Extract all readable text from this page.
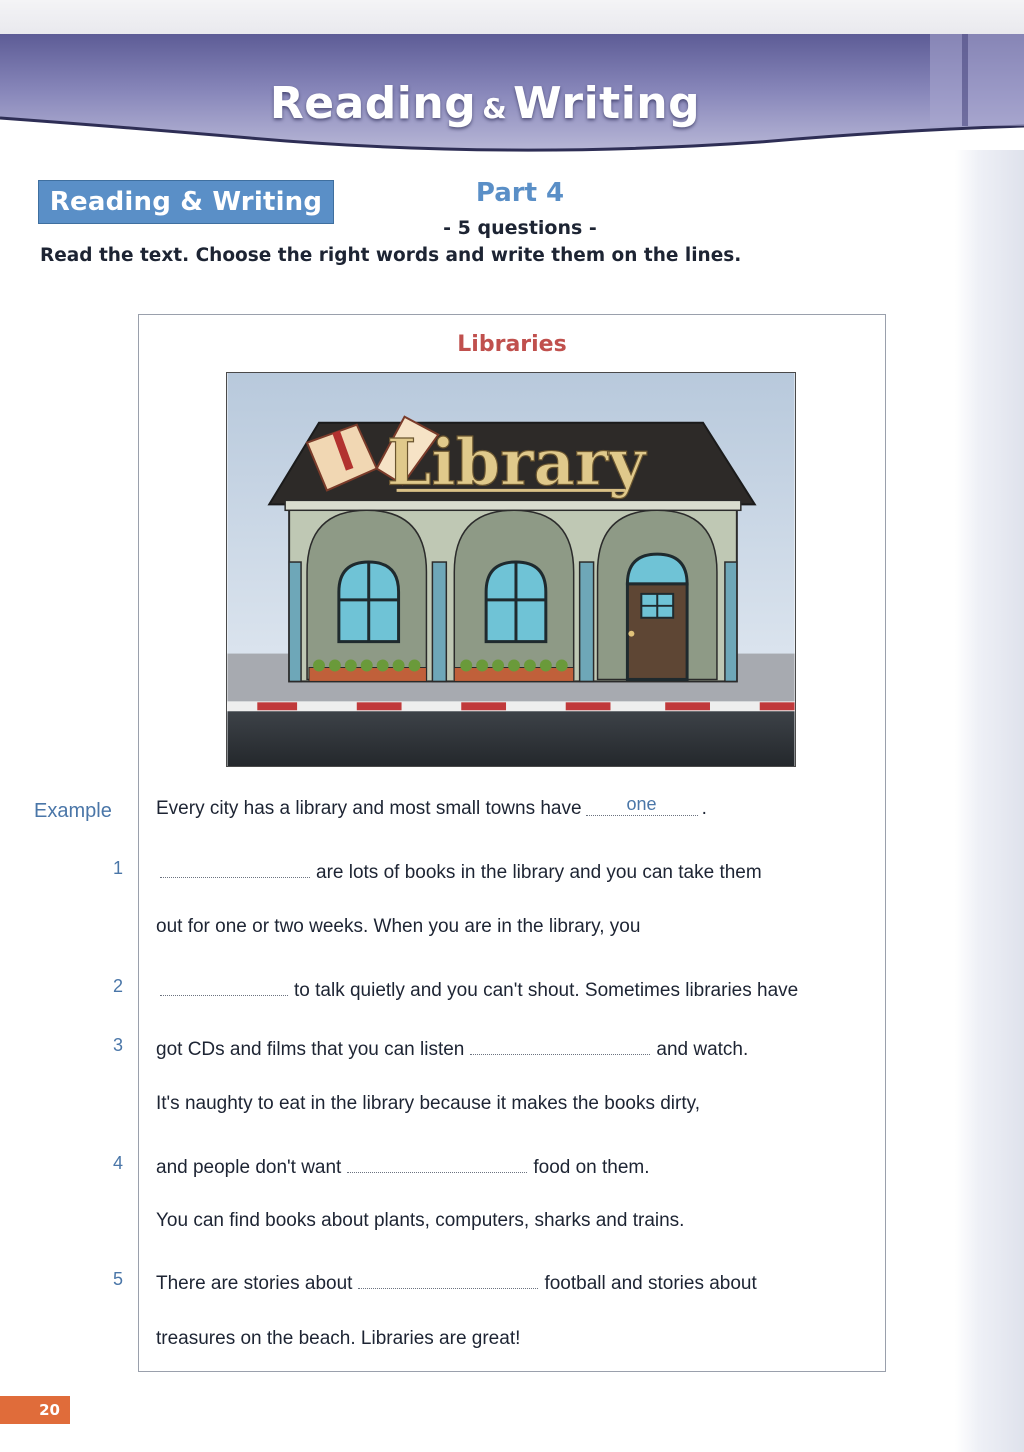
Reading & Writing
Reading & Writing	Part 4
- 5 questions -
Read the text. Choose the right words and write them on the lines.
Libraries
Library
Example Every city has a library and most small towns have one .
1	are lots of books in the library and you can take them
out for one or two weeks. When you are in the library, you
2	to talk quietly and you can't shout. Sometimes libraries have
3	got CDs and films that you can listen	and watch.
It's naughty to eat in the library because it makes the books dirty,
4	and people don't want	food on them.
You can find books about plants, computers, sharks and trains.
5	There are stories about	football and stories about
treasures on the beach. Libraries are great!
20
